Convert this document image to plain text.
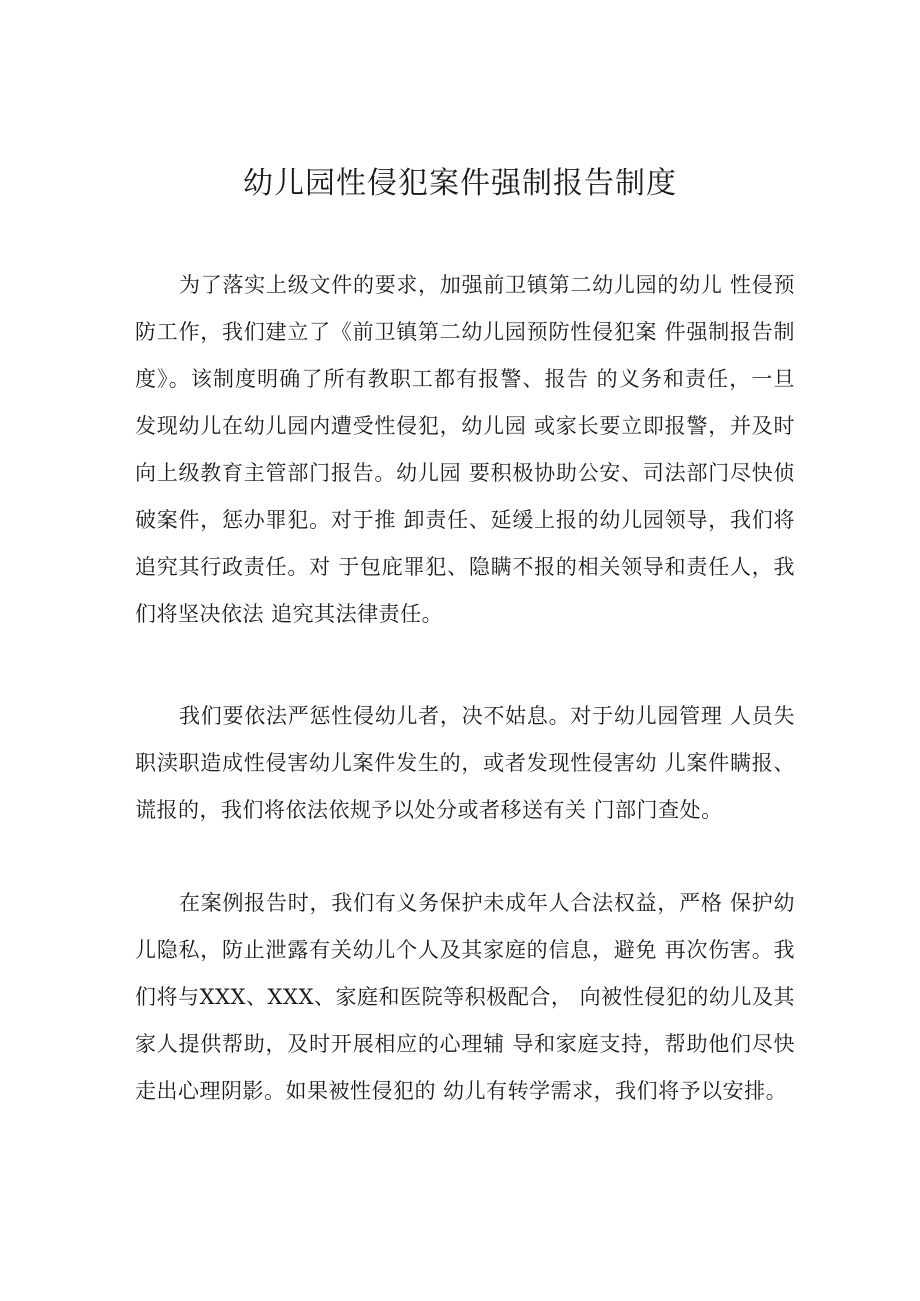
幼儿园性侵犯案件强制报告制度
为了落实上级文件的要求，加强前卫镇第二幼儿园的幼儿 性侵预
防工作，我们建立了《前卫镇第二幼儿园预防性侵犯案 件强制报告制
度》。该制度明确了所有教职工都有报警、报告 的义务和责任，一旦
发现幼儿在幼儿园内遭受性侵犯，幼儿园 或家长要立即报警，并及时
向上级教育主管部门报告。幼儿园 要积极协助公安、司法部门尽快侦
破案件，惩办罪犯。对于推 卸责任、延缓上报的幼儿园领导，我们将
追究其行政责任。对 于包庇罪犯、隐瞒不报的相关领导和责任人，我
们将坚决依法 追究其法律责任。
我们要依法严惩性侵幼儿者，决不姑息。对于幼儿园管理 人员失
职渎职造成性侵害幼儿案件发生的，或者发现性侵害幼 儿案件瞒报、
谎报的，我们将依法依规予以处分或者移送有关 门部门查处。
在案例报告时，我们有义务保护未成年人合法权益，严格 保护幼
儿隐私，防止泄露有关幼儿个人及其家庭的信息，避免 再次伤害。我
们将与XXX、XXX、家庭和医院等积极配合， 向被性侵犯的幼儿及其
家人提供帮助，及时开展相应的心理辅 导和家庭支持，帮助他们尽快
走出心理阴影。如果被性侵犯的 幼儿有转学需求，我们将予以安排。
